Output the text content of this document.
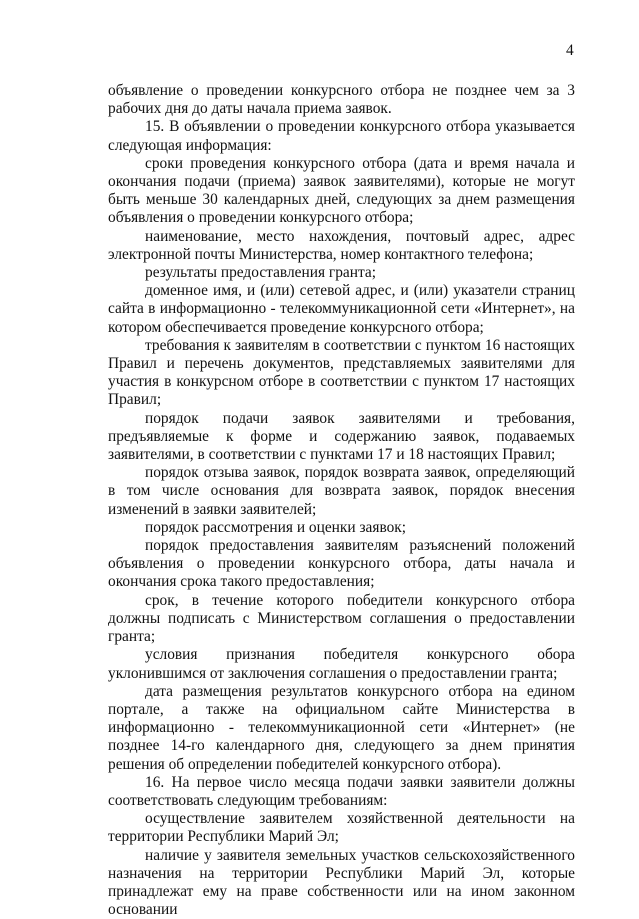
4

объявление о проведении конкурсного отбора не позднее чем за 3 рабочих дня до даты начала приема заявок.

15. В объявлении о проведении конкурсного отбора указывается следующая информация:

сроки проведения конкурсного отбора (дата и время начала и окончания подачи (приема) заявок заявителями), которые не могут быть меньше 30 календарных дней, следующих за днем размещения объявления о проведении конкурсного отбора;

наименование, место нахождения, почтовый адрес, адрес электронной почты Министерства, номер контактного телефона;

результаты предоставления гранта;

доменное имя, и (или) сетевой адрес, и (или) указатели страниц сайта в информационно - телекоммуникационной сети «Интернет», на котором обеспечивается проведение конкурсного отбора;

требования к заявителям в соответствии с пунктом 16 настоящих Правил и перечень документов, представляемых заявителями для участия в конкурсном отборе в соответствии с пунктом 17 настоящих Правил;

порядок подачи заявок заявителями и требования, предъявляемые к форме и содержанию заявок, подаваемых заявителями, в соответствии с пунктами 17 и 18 настоящих Правил;

порядок отзыва заявок, порядок возврата заявок, определяющий в том числе основания для возврата заявок, порядок внесения изменений в заявки заявителей;

порядок рассмотрения и оценки заявок;

порядок предоставления заявителям разъяснений положений объявления о проведении конкурсного отбора, даты начала и окончания срока такого предоставления;

срок, в течение которого победители конкурсного отбора должны подписать с Министерством соглашения о предоставлении гранта;

условия признания победителя конкурсного обора уклонившимся от заключения соглашения о предоставлении гранта;

дата размещения результатов конкурсного отбора на едином портале, а также на официальном сайте Министерства в информационно - телекоммуникационной сети «Интернет» (не позднее 14-го календарного дня, следующего за днем принятия решения об определении победителей конкурсного отбора).

16. На первое число месяца подачи заявки заявители должны соответствовать следующим требованиям:

осуществление заявителем хозяйственной деятельности на территории Республики Марий Эл;

наличие у заявителя земельных участков сельскохозяйственного назначения на территории Республики Марий Эл, которые принадлежат ему на праве собственности или на ином законном основании
